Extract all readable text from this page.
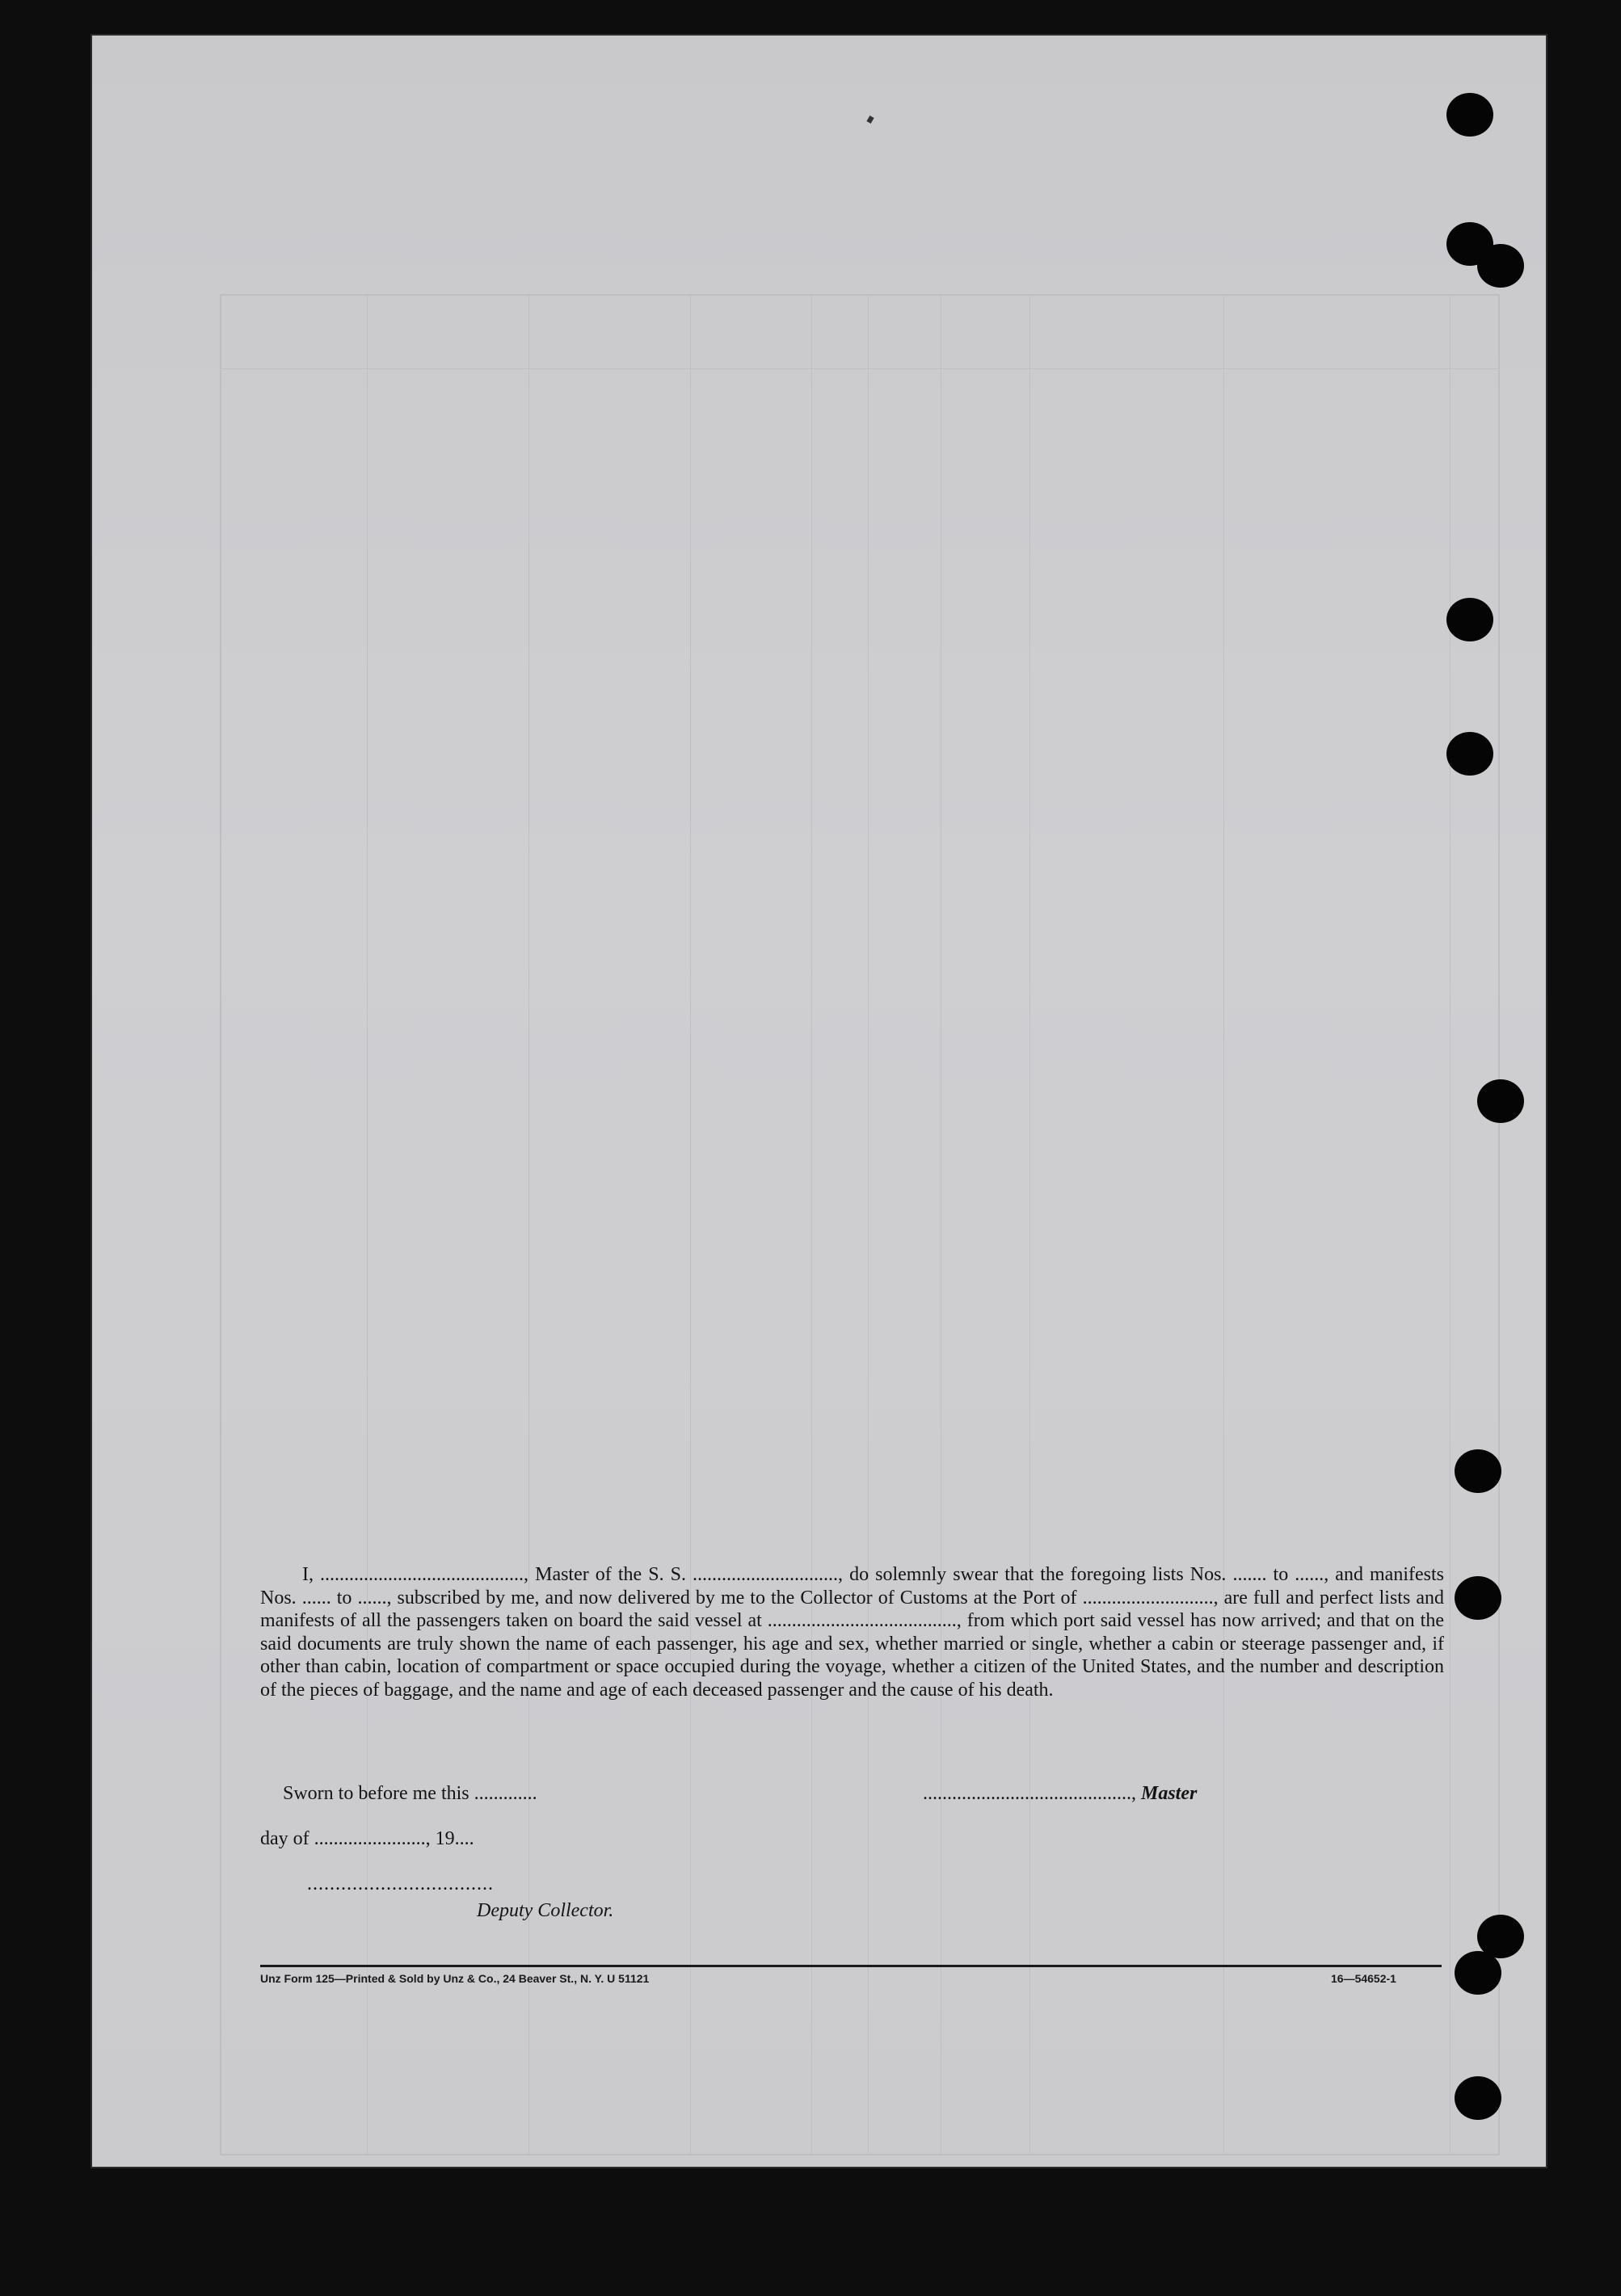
I, .........................................., Master of the S. S. .............................., do solemnly swear that the foregoing lists Nos. ....... to ......, and manifests Nos. ...... to ......, subscribed by me, and now delivered by me to the Collector of Customs at the Port of ..........................., are full and perfect lists and manifests of all the passengers taken on board the said vessel at ......................................., from which port said vessel has now arrived; and that on the said documents are truly shown the name of each passenger, his age and sex, whether married or single, whether a cabin or steerage passenger and, if other than cabin, location of compartment or space occupied during the voyage, whether a citizen of the United States, and the number and description of the pieces of baggage, and the name and age of each deceased passenger and the cause of his death.

Sworn to before me this .............	..........................................., Master
day of ......................., 19....
.................................
Deputy Collector.
Unz Form 125—Printed & Sold by Unz & Co., 24 Beaver St., N. Y. U 51121	16—54652-1
